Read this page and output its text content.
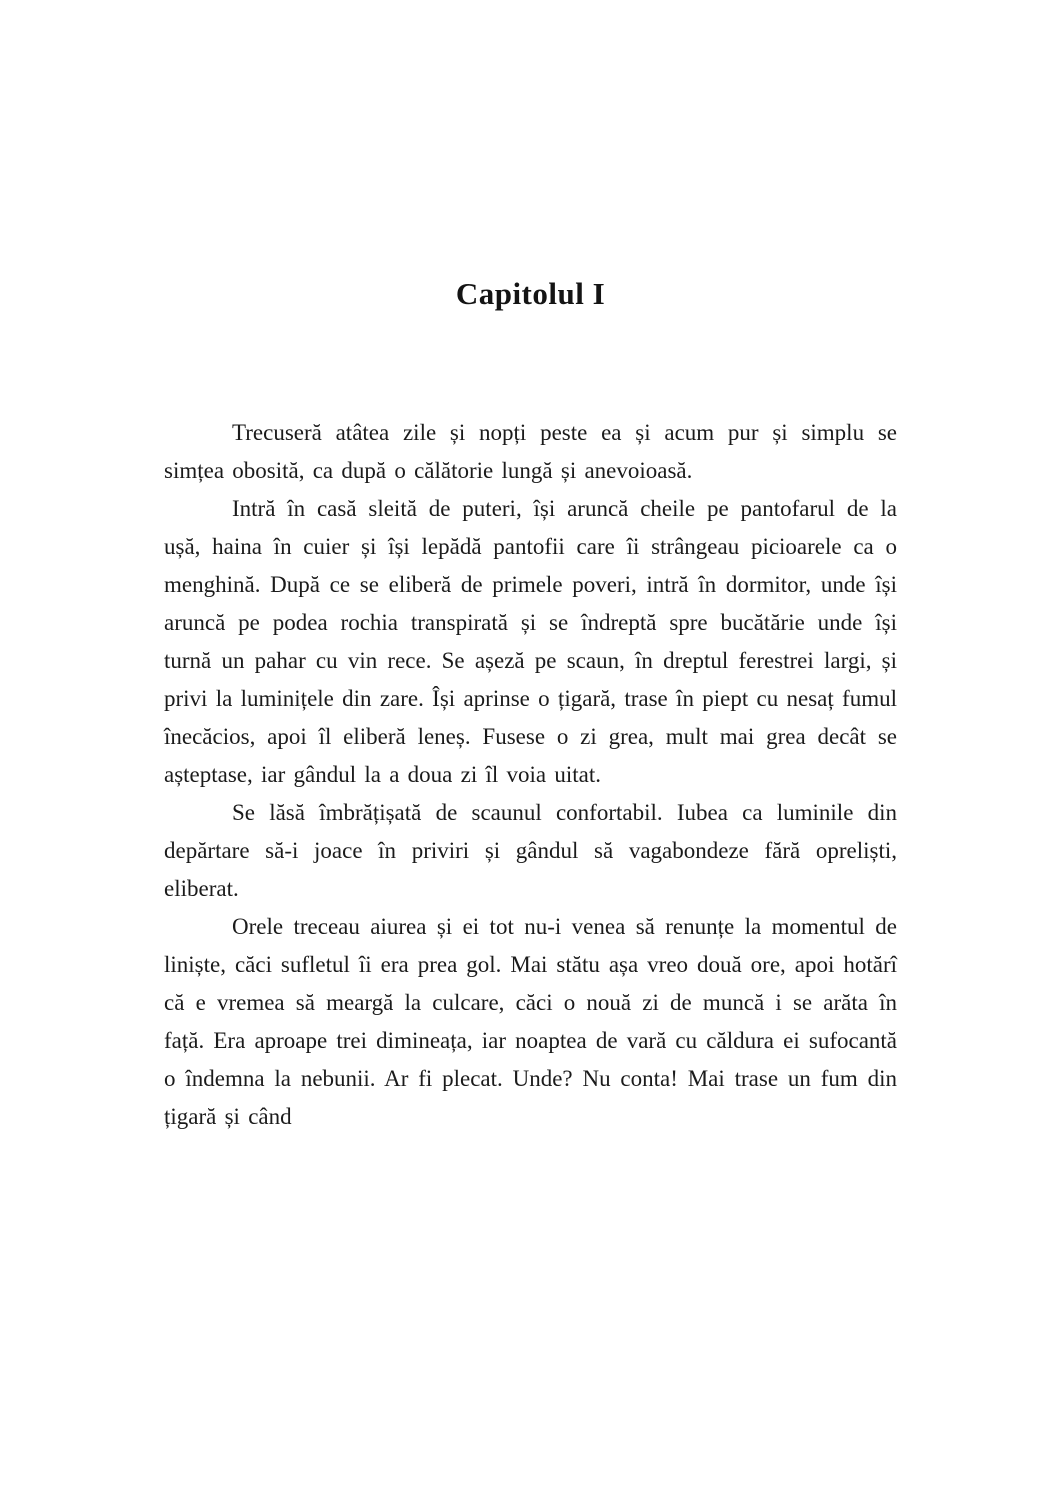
Capitolul I

Trecuseră atâtea zile și nopți peste ea și acum pur și simplu se simțea obosită, ca după o călătorie lungă și anevoioasă.

Intră în casă sleită de puteri, își aruncă cheile pe pantofarul de la ușă, haina în cuier și își lepădă pantofii care îi strângeau picioarele ca o menghină. După ce se eliberă de primele poveri, intră în dormitor, unde își aruncă pe podea rochia transpirată și se îndreptă spre bucătărie unde își turnă un pahar cu vin rece. Se așeză pe scaun, în dreptul ferestrei largi, și privi la luminițele din zare. Își aprinse o țigară, trase în piept cu nesaț fumul înecăcios, apoi îl eliberă leneș. Fusese o zi grea, mult mai grea decât se așteptase, iar gândul la a doua zi îl voia uitat.

Se lăsă îmbrățișată de scaunul confortabil. Iubea ca luminile din depărtare să-i joace în priviri și gândul să vagabondeze fără opreliști, eliberat.

Orele treceau aiurea și ei tot nu-i venea să renunțe la momentul de liniște, căci sufletul îi era prea gol. Mai stătu așa vreo două ore, apoi hotărî că e vremea să meargă la culcare, căci o nouă zi de muncă i se arăta în față. Era aproape trei dimineața, iar noaptea de vară cu căldura ei sufocantă o îndemna la nebunii. Ar fi plecat. Unde? Nu conta! Mai trase un fum din țigară și când
